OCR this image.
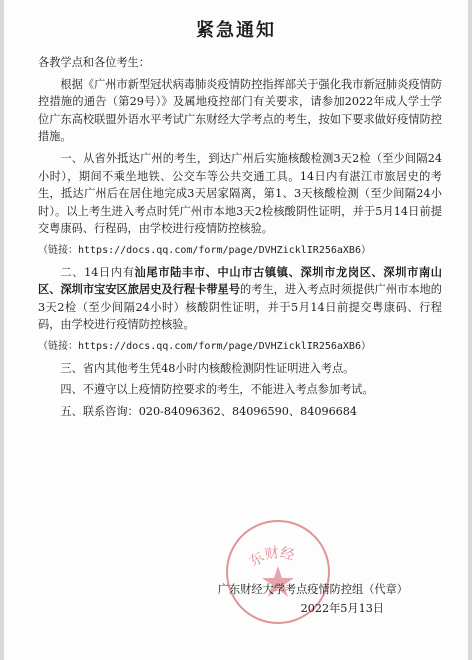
紧急通知

各教学点和各位考生：

根据《广州市新型冠状病毒肺炎疫情防控指挥部关于强化我市新冠肺炎疫情防控措施的通告（第29号）》及属地疫控部门有关要求，请参加2022年成人学士学位广东高校联盟外语水平考试广东财经大学考点的考生，按如下要求做好疫情防控措施。

一、从省外抵达广州的考生，到达广州后实施核酸检测3天2检（至少间隔24小时），期间不乘坐地铁、公交车等公共交通工具。14日内有湛江市旅居史的考生，抵达广州后在居住地完成3天居家隔离，第1、3天核酸检测（至少间隔24小时）。以上考生进入考点时凭广州市本地3天2检核酸阴性证明，并于5月14日前提交粤康码、行程码，由学校进行疫情防控核验。

（链接：https://docs.qq.com/form/page/DVHZicklIR256aXB6）

二、14日内有汕尾市陆丰市、中山市古镇镇、深圳市龙岗区、深圳市南山区、深圳市宝安区旅居史及行程卡带星号的考生，进入考点时须提供广州市本地的3天2检（至少间隔24小时）核酸阴性证明，并于5月14日前提交粤康码、行程码，由学校进行疫情防控核验。

（链接：https://docs.qq.com/form/page/DVHZicklIR256aXB6）

三、省内其他考生凭48小时内核酸检测阴性证明进入考点。

四、不遵守以上疫情防控要求的考生，不能进入考点参加考试。

五、联系咨询：020-84096362、84096590、84096684

东财经
广东财经大学考点疫情防控组（代章）
2022年5月13日
